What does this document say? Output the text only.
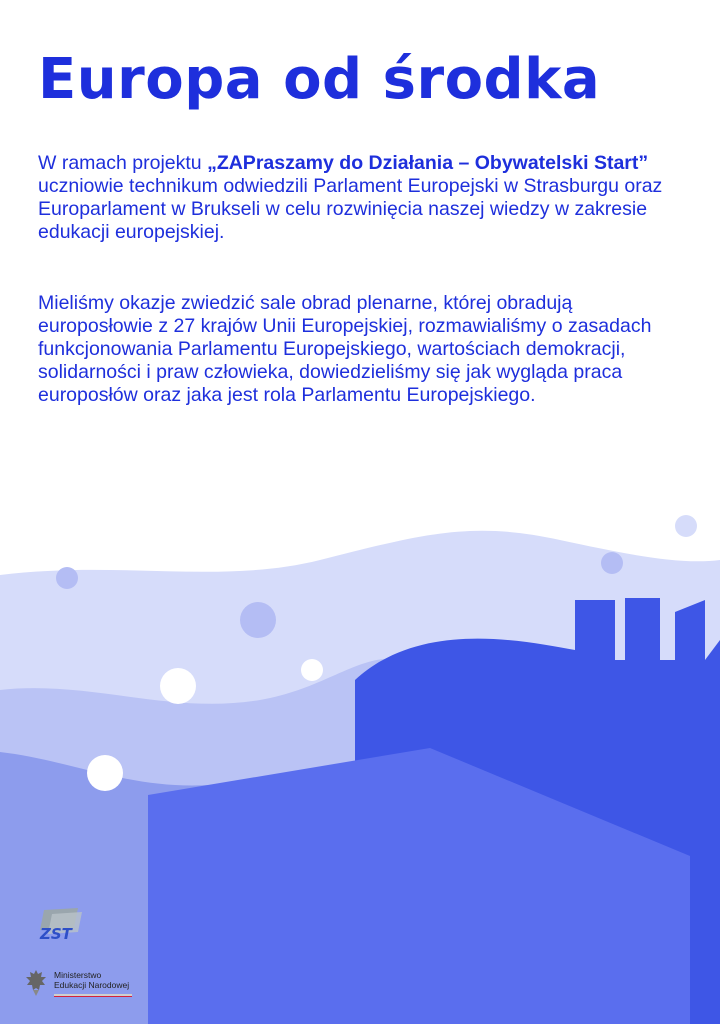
Europa od środka

W ramach projektu „ZAPraszamy do Działania – Obywatelski Start” uczniowie technikum odwiedzili Parlament Europejski w Strasburgu oraz Europarlament w Brukseli w celu rozwinięcia naszej wiedzy w zakresie edukacji europejskiej.

Mieliśmy okazje zwiedzić sale obrad plenarne, której obradują europosłowie z 27 krajów Unii Europejskiej, rozmawialiśmy o zasadach funkcjonowania Parlamentu Europejskiego, wartościach demokracji, solidarności i praw człowieka, dowiedzieliśmy się jak wygląda praca europosłów oraz jaka jest rola Parlamentu Europejskiego.

ZST
Ministerstwo
Edukacji Narodowej
